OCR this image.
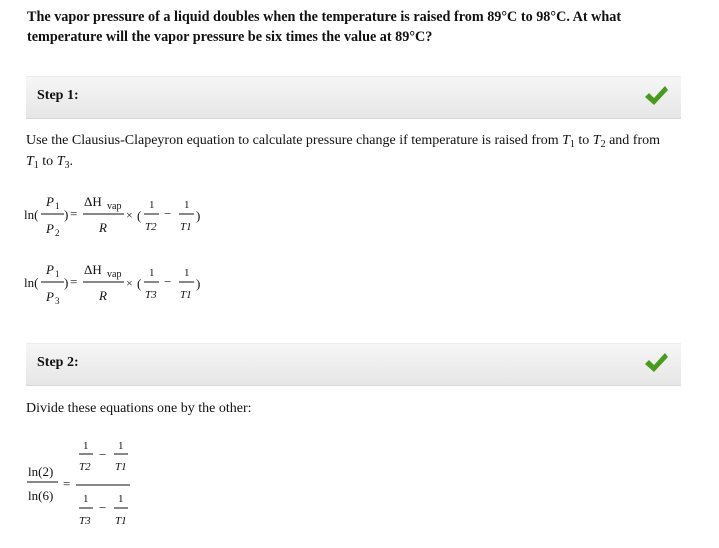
The vapor pressure of a liquid doubles when the temperature is raised from 89°C to 98°C. At what temperature will the vapor pressure be six times the value at 89°C?
Step 1:
Use the Clausius-Clapeyron equation to calculate pressure change if temperature is raised from $T_1$ to $T_2$ and from $T_1$ to $T_3$.
ln(
P 1
P 2
) =
ΔH vap
R
× (
1
T2
−
1
T1
)
ln(
P 1
P 3
) =
ΔH vap
R
× (
1
T3
−
1
T1
)
Step 2:
Divide these equations one by the other:
ln(2)
ln(6)
=
1
T2
−
1
T1
1
T3
−
1
T1
